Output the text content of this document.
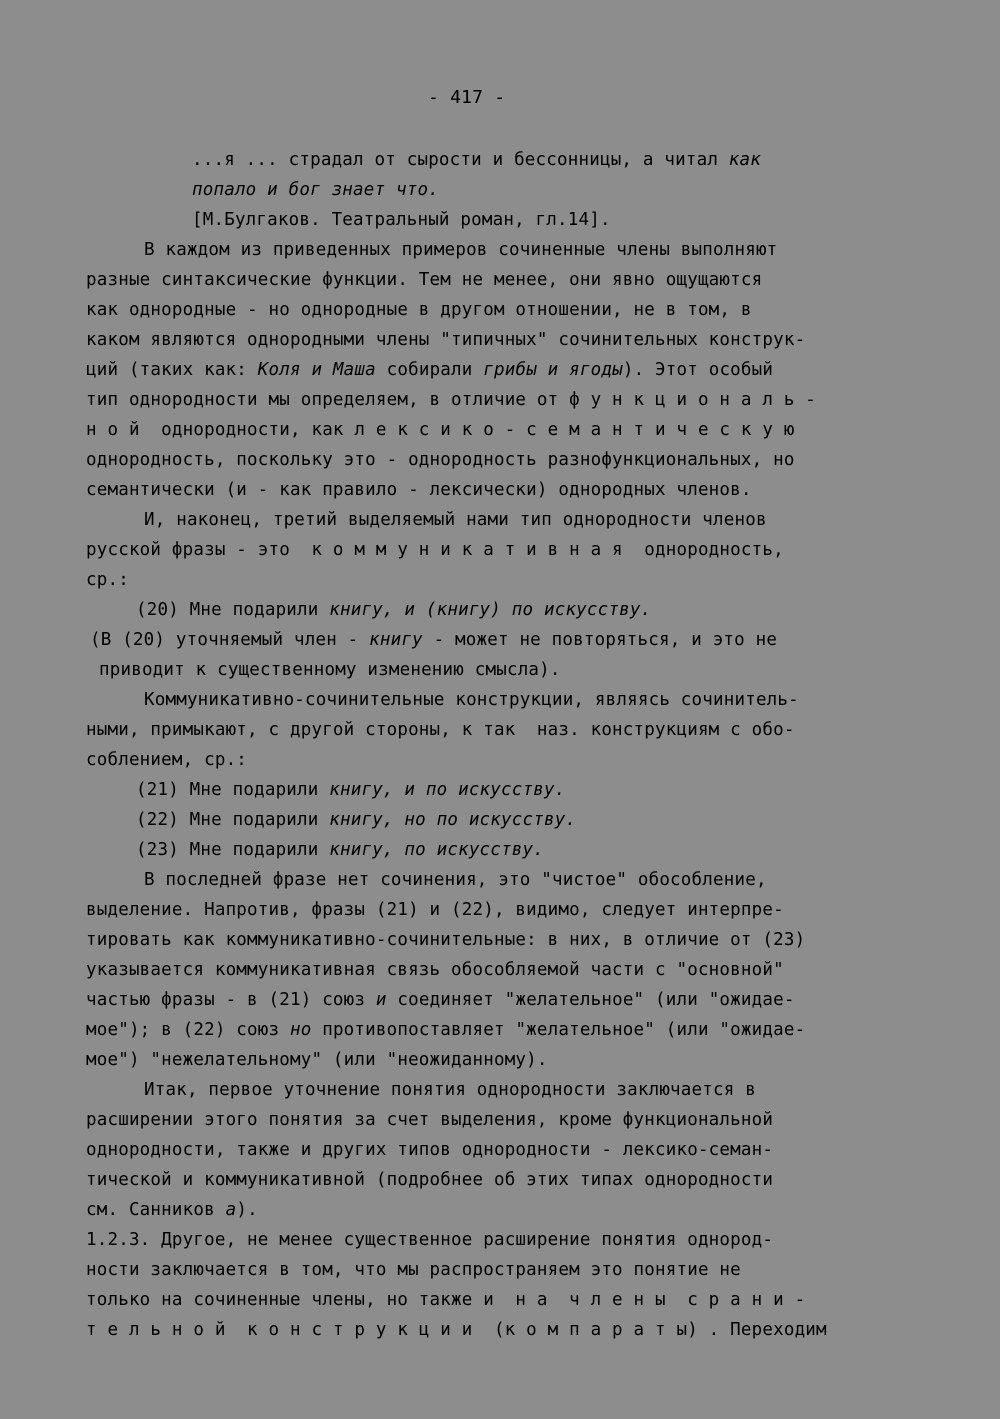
- 417 -
...я ... страдал от сырости и бессонницы, а читал как
попало и бог знает что.
[М.Булгаков. Театральный роман, гл.14].
В каждом из приведенных примеров сочиненные члены выполняют
разные синтаксические функции. Тем не менее, они явно ощущаются
как однородные - но однородные в другом отношении, не в том, в
каком являются однородными члены "типичных" сочинительных конструк-
ций (таких как: Коля и Маша собирали грибы и ягоды). Этот особый
тип однородности мы определяем, в отличие от ф у н к ц и о н а л ь -
н о й  однородности, как л е к с и к о - с е м а н т и ч е с к у ю
однородность, поскольку это - однородность разнофункциональных, но
семантически (и - как правило - лексически) однородных членов.
И, наконец, третий выделяемый нами тип однородности членов
русской фразы - это  к о м м у н и к а т и в н а я  однородность,
ср.:
(20) Мне подарили книгу, и (книгу) по искусству.
(В (20) уточняемый член - книгу - может не повторяться, и это не
приводит к существенному изменению смысла).
Коммуникативно-сочинительные конструкции, являясь сочинитель-
ными, примыкают, с другой стороны, к так  наз. конструкциям с обо-
соблением, ср.:
(21) Мне подарили книгу, и по искусству.
(22) Мне подарили книгу, но по искусству.
(23) Мне подарили книгу, по искусству.
В последней фразе нет сочинения, это "чистое" обособление,
выделение. Напротив, фразы (21) и (22), видимо, следует интерпре-
тировать как коммуникативно-сочинительные: в них, в отличие от (23)
указывается коммуникативная связь обособляемой части с "основной"
частью фразы - в (21) союз и соединяет "желательное" (или "ожидае-
мое"); в (22) союз но противопоставляет "желательное" (или "ожидае-
мое") "нежелательному" (или "неожиданному).
Итак, первое уточнение понятия однородности заключается в
расширении этого понятия за счет выделения, кроме функциональной
однородности, также и других типов однородности - лексико-семан-
тической и коммуникативной (подробнее об этих типах однородности
см. Санников а).
1.2.3. Другое, не менее существенное расширение понятия однород-
ности заключается в том, что мы распространяем это понятие не
только на сочиненные члены, но также и  н а  ч л е н ы  с р а н и -
т е л ь н о й  к о н с т р у к ц и и  (к о м п а р а т ы) . Переходим
